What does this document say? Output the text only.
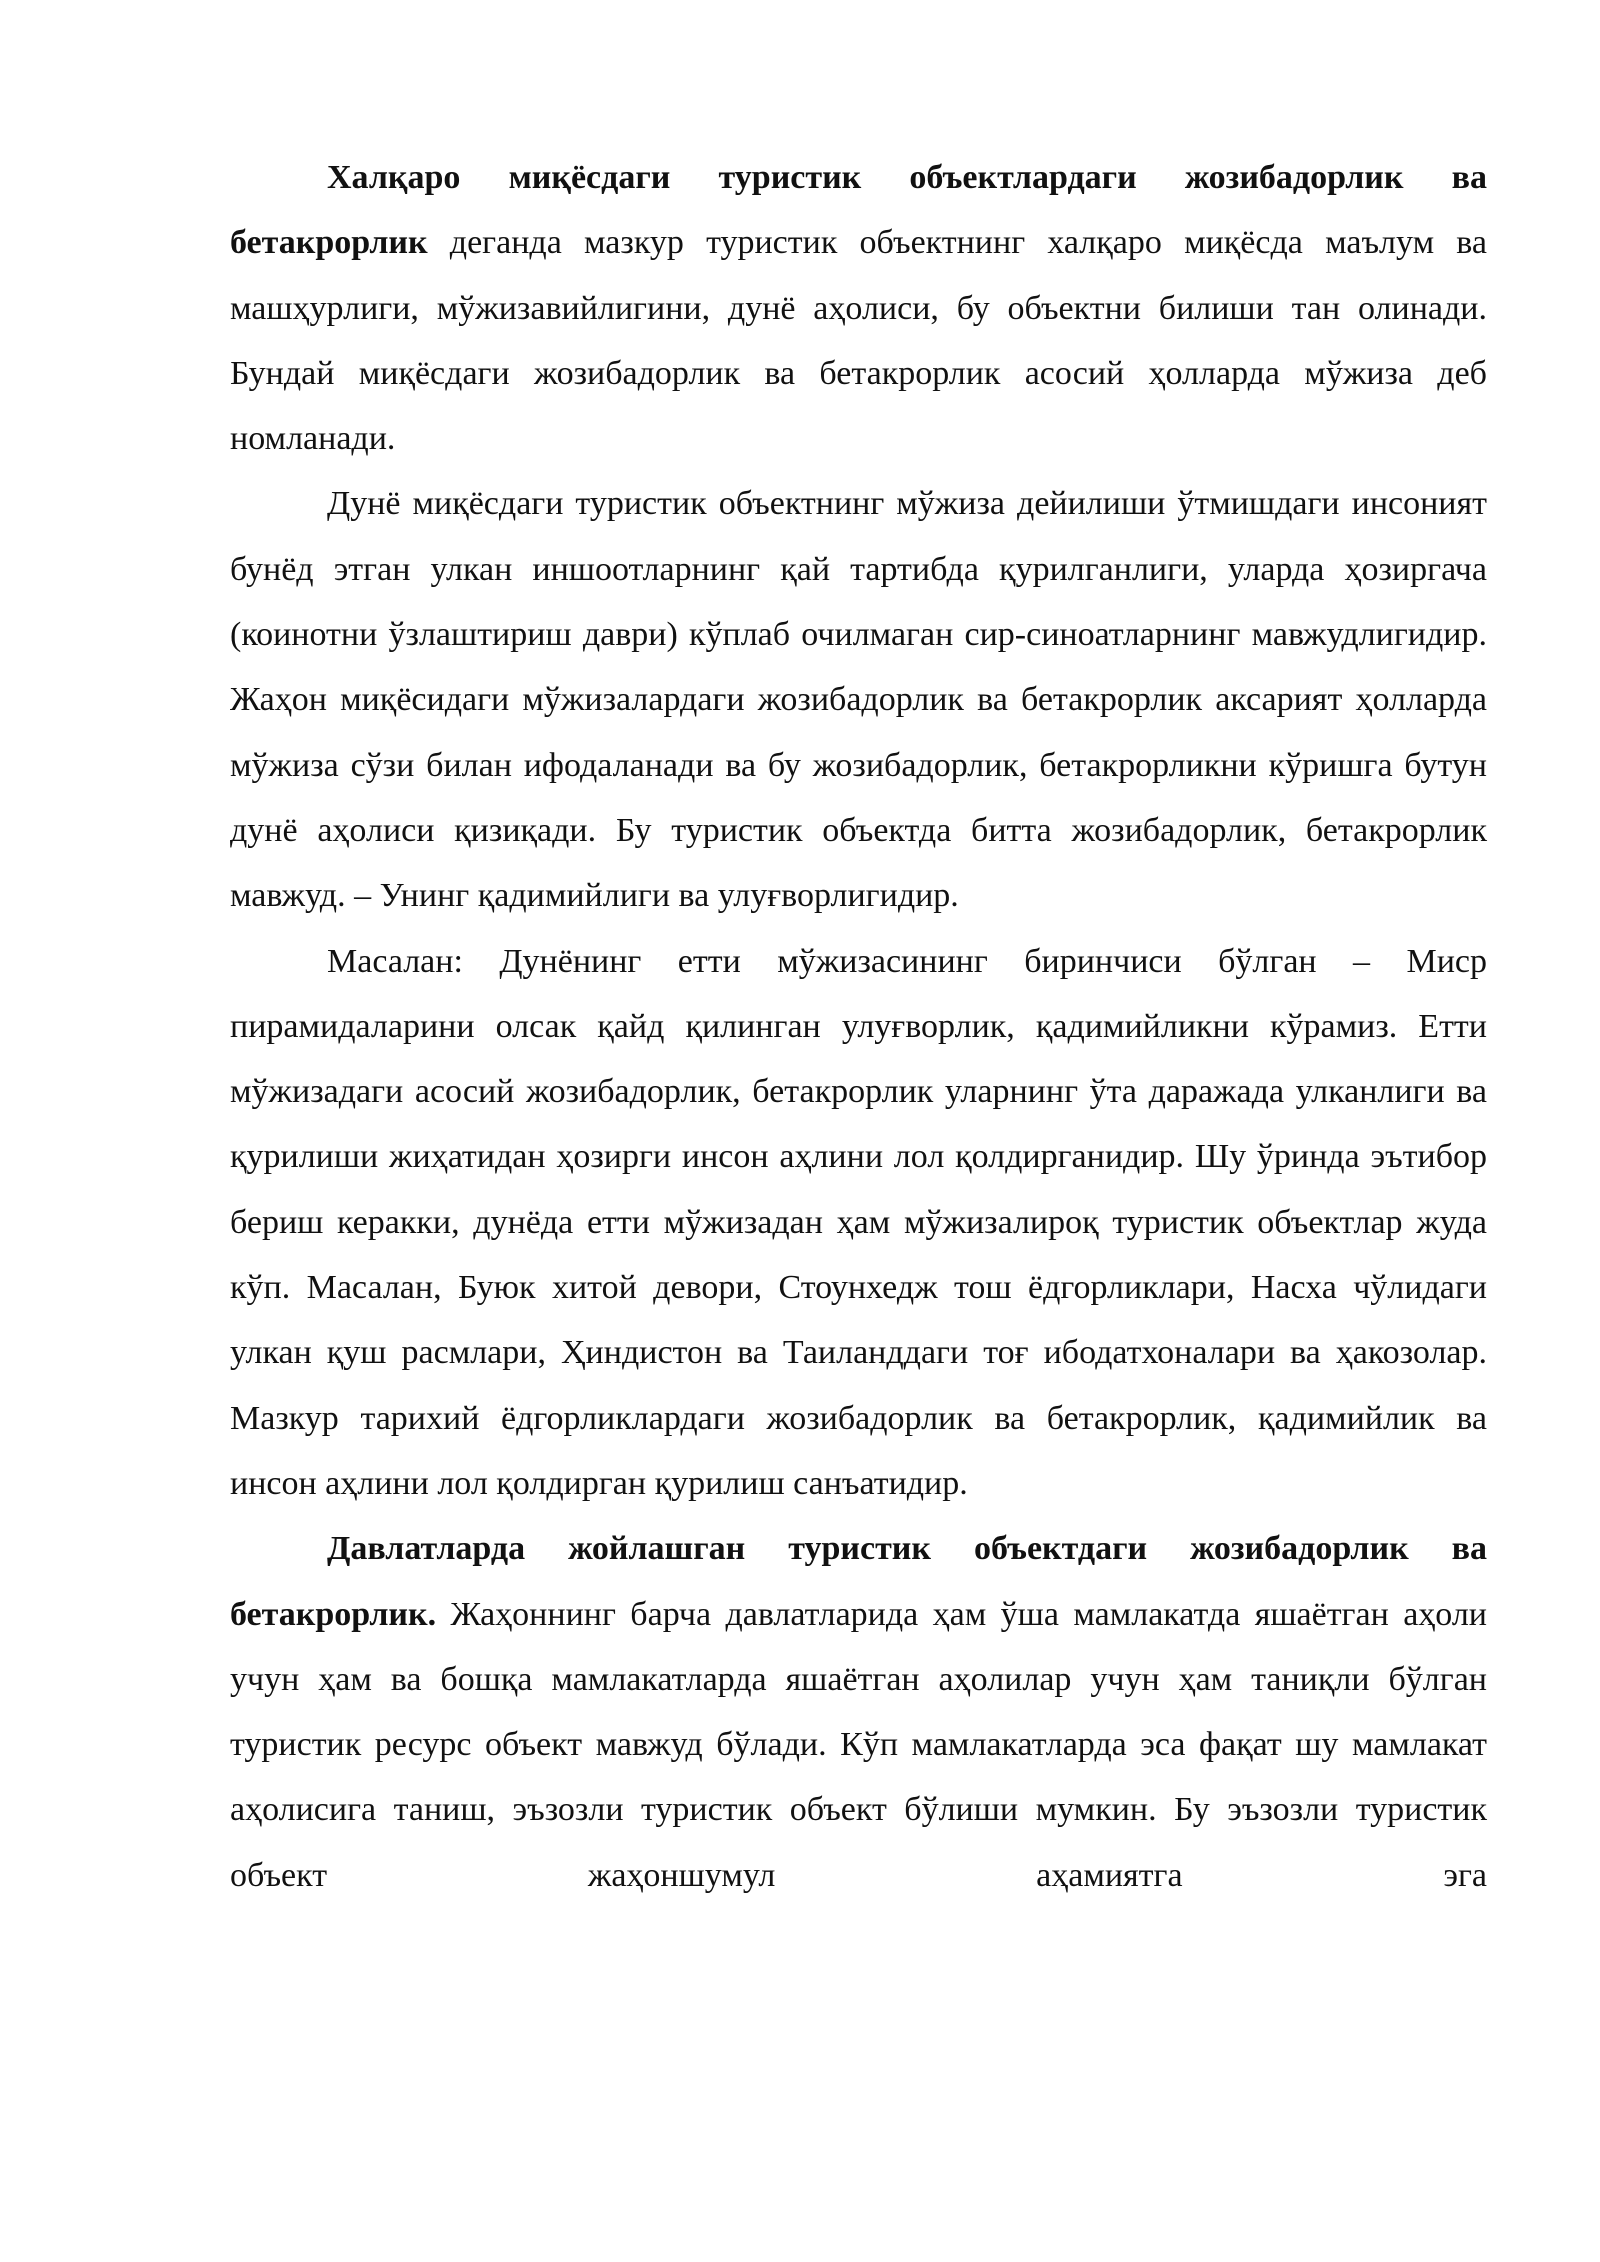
Халқаро миқёсдаги туристик объектлардаги жозибадорлик ва бетакрорлик деганда мазкур туристик объектнинг халқаро миқёсда маълум ва машҳурлиги, мўжизавийлигини, дунё аҳолиси, бу объектни билиши тан олинади. Бундай миқёсдаги жозибадорлик ва бетакрорлик асосий ҳолларда мўжиза деб номланади.

Дунё миқёсдаги туристик объектнинг мўжиза дейилиши ўтмишдаги инсоният бунёд этган улкан иншоотларнинг қай тартибда қурилганлиги, уларда ҳозиргача (коинотни ўзлаштириш даври) кўплаб очилмаган сир-синоатларнинг мавжудлигидир. Жаҳон миқёсидаги мўжизалардаги жозибадорлик ва бетакрорлик аксарият ҳолларда мўжиза сўзи билан ифодаланади ва бу жозибадорлик, бетакрорликни кўришга бутун дунё аҳолиси қизиқади. Бу туристик объектда битта жозибадорлик, бетакрорлик мавжуд. – Унинг қадимийлиги ва улуғворлигидир.

Масалан: Дунёнинг етти мўжизасининг биринчиси бўлган – Миср пирамидаларини олсак қайд қилинган улуғворлик, қадимийликни кўрамиз. Етти мўжизадаги асосий жозибадорлик, бетакрорлик уларнинг ўта даражада улканлиги ва қурилиши жиҳатидан ҳозирги инсон аҳлини лол қолдирганидир. Шу ўринда эътибор бериш керакки, дунёда етти мўжизадан ҳам мўжизалироқ туристик объектлар жуда кўп. Масалан, Буюк хитой девори, Стоунхедж тош ёдгорликлари, Насха чўлидаги улкан қуш расмлари, Ҳиндистон ва Таиланддаги тоғ ибодатхоналари ва ҳакозолар. Мазкур тарихий ёдгорликлардаги жозибадорлик ва бетакрорлик, қадимийлик ва инсон аҳлини лол қолдирган қурилиш санъатидир.

Давлатларда жойлашган туристик объектдаги жозибадорлик ва бетакрорлик. Жаҳоннинг барча давлатларида ҳам ўша мамлакатда яшаётган аҳоли учун ҳам ва бошқа мамлакатларда яшаётган аҳолилар учун ҳам таниқли бўлган туристик ресурс объект мавжуд бўлади. Кўп мамлакатларда эса фақат шу мамлакат аҳолисига таниш, эъзозли туристик объект бўлиши мумкин. Бу эъзозли туристик объект жаҳоншумул аҳамиятга эга
